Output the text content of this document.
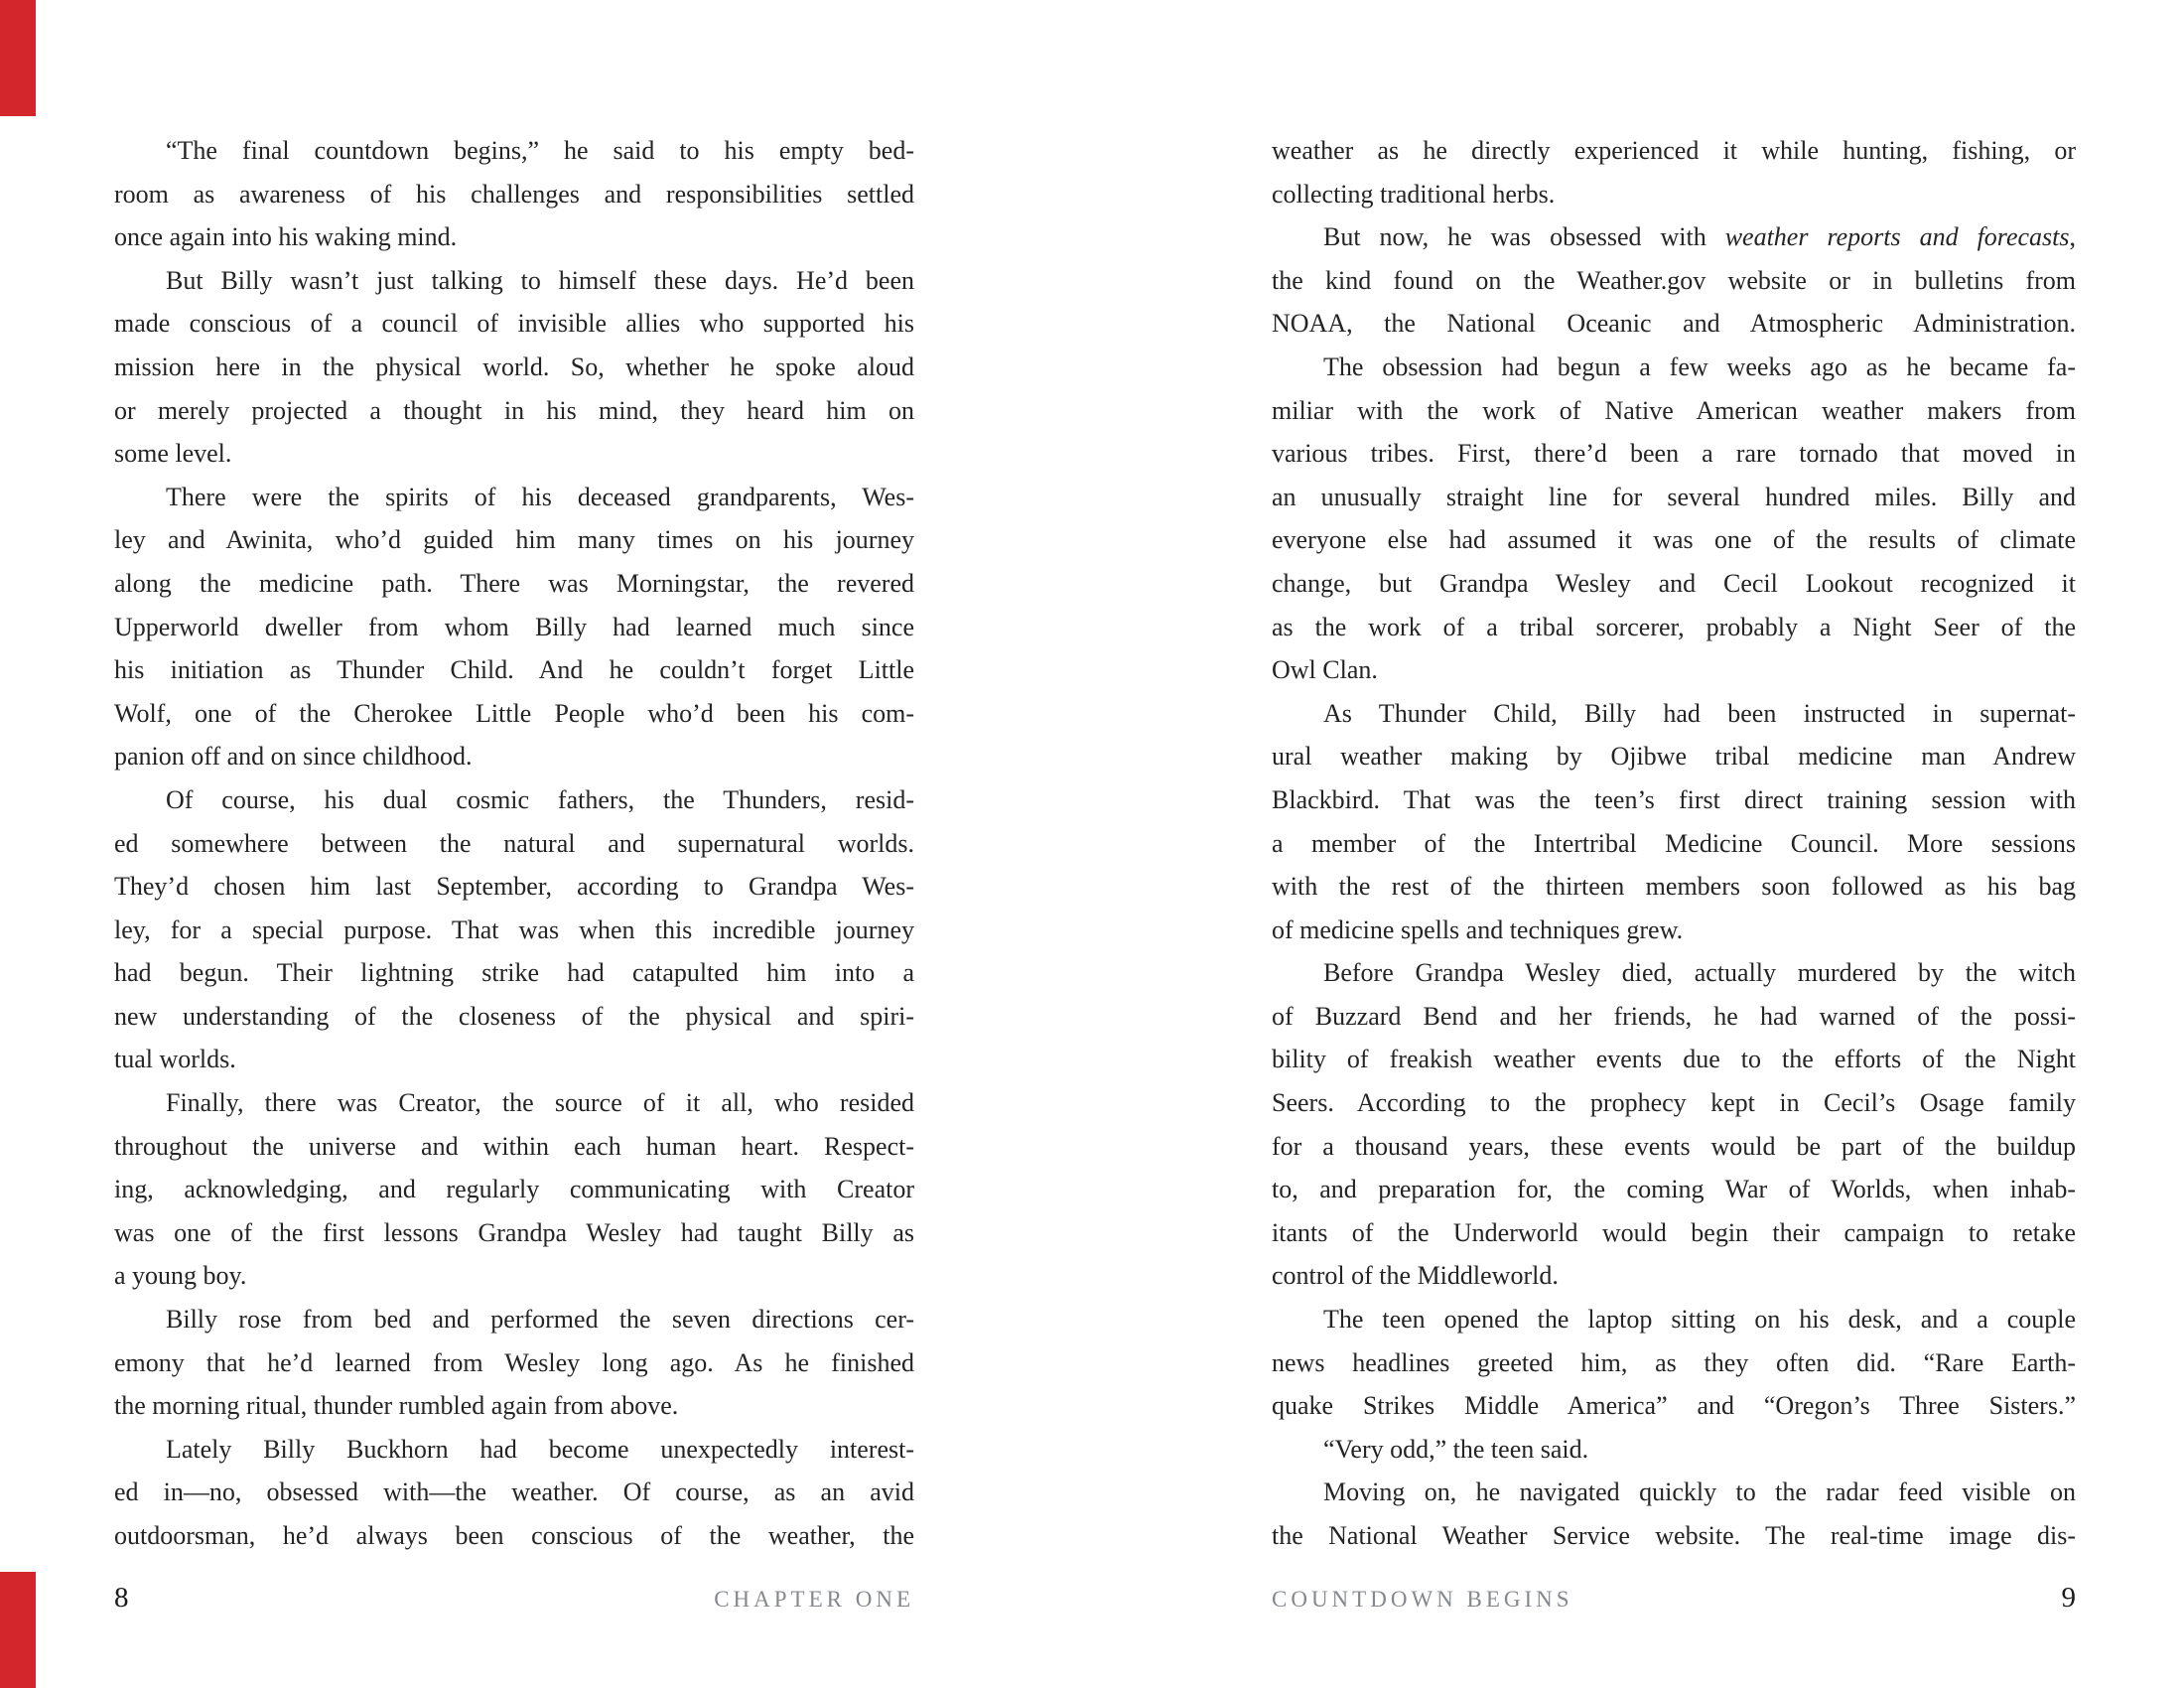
“The final countdown begins,” he said to his empty bed-
room as awareness of his challenges and responsibilities settled
once again into his waking mind.
But Billy wasn’t just talking to himself these days. He’d been
made conscious of a council of invisible allies who supported his
mission here in the physical world. So, whether he spoke aloud
or merely projected a thought in his mind, they heard him on
some level.
There were the spirits of his deceased grandparents, Wes-
ley and Awinita, who’d guided him many times on his journey
along the medicine path. There was Morningstar, the revered
Upperworld dweller from whom Billy had learned much since
his initiation as Thunder Child. And he couldn’t forget Little
Wolf, one of the Cherokee Little People who’d been his com-
panion off and on since childhood.
Of course, his dual cosmic fathers, the Thunders, resid-
ed somewhere between the natural and supernatural worlds.
They’d chosen him last September, according to Grandpa Wes-
ley, for a special purpose. That was when this incredible journey
had begun. Their lightning strike had catapulted him into a
new understanding of the closeness of the physical and spiri-
tual worlds.
Finally, there was Creator, the source of it all, who resided
throughout the universe and within each human heart. Respect-
ing, acknowledging, and regularly communicating with Creator
was one of the first lessons Grandpa Wesley had taught Billy as
a young boy.
Billy rose from bed and performed the seven directions cer-
emony that he’d learned from Wesley long ago. As he finished
the morning ritual, thunder rumbled again from above.
Lately Billy Buckhorn had become unexpectedly interest-
ed in—no, obsessed with—the weather. Of course, as an avid
outdoorsman, he’d always been conscious of the weather, the
weather as he directly experienced it while hunting, fishing, or
collecting traditional herbs.
But now, he was obsessed with weather reports and forecasts,
the kind found on the Weather.gov website or in bulletins from
NOAA, the National Oceanic and Atmospheric Administration.
The obsession had begun a few weeks ago as he became fa-
miliar with the work of Native American weather makers from
various tribes. First, there’d been a rare tornado that moved in
an unusually straight line for several hundred miles. Billy and
everyone else had assumed it was one of the results of climate
change, but Grandpa Wesley and Cecil Lookout recognized it
as the work of a tribal sorcerer, probably a Night Seer of the
Owl Clan.
As Thunder Child, Billy had been instructed in supernat-
ural weather making by Ojibwe tribal medicine man Andrew
Blackbird. That was the teen’s first direct training session with
a member of the Intertribal Medicine Council. More sessions
with the rest of the thirteen members soon followed as his bag
of medicine spells and techniques grew.
Before Grandpa Wesley died, actually murdered by the witch
of Buzzard Bend and her friends, he had warned of the possi-
bility of freakish weather events due to the efforts of the Night
Seers. According to the prophecy kept in Cecil’s Osage family
for a thousand years, these events would be part of the buildup
to, and preparation for, the coming War of Worlds, when inhab-
itants of the Underworld would begin their campaign to retake
control of the Middleworld.
The teen opened the laptop sitting on his desk, and a couple
news headlines greeted him, as they often did. “Rare Earth-
quake Strikes Middle America” and “Oregon’s Three Sisters.”
“Very odd,” the teen said.
Moving on, he navigated quickly to the radar feed visible on
the National Weather Service website. The real-time image dis-
8	CHAPTER ONE	COUNTDOWN BEGINS	9
